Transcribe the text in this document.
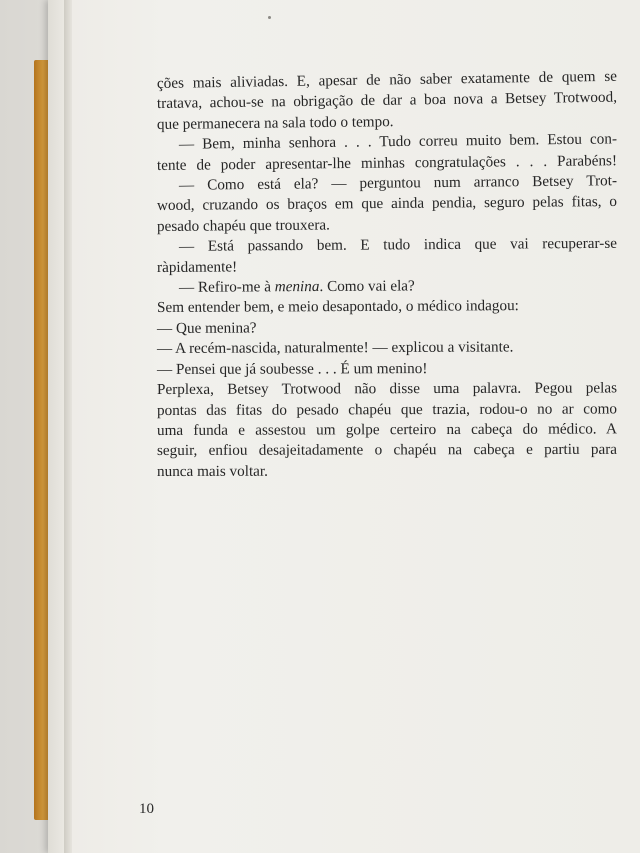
ções mais aliviadas. E, apesar de não saber exatamente de quem se
tratava, achou-se na obrigação de dar a boa nova a Betsey Trotwood,
que permanecera na sala todo o tempo.
— Bem, minha senhora . . . Tudo correu muito bem. Estou con-
tente de poder apresentar-lhe minhas congratulações . . . Parabéns!
— Como está ela? — perguntou num arranco Betsey Trot-
wood, cruzando os braços em que ainda pendia, seguro pelas fitas, o
pesado chapéu que trouxera.
— Está passando bem. E tudo indica que vai recuperar-se
ràpidamente!
— Refiro-me à menina. Como vai ela?
Sem entender bem, e meio desapontado, o médico indagou:
— Que menina?
— A recém-nascida, naturalmente! — explicou a visitante.
— Pensei que já soubesse . . . É um menino!
Perplexa, Betsey Trotwood não disse uma palavra. Pegou pelas
pontas das fitas do pesado chapéu que trazia, rodou-o no ar como
uma funda e assestou um golpe certeiro na cabeça do médico. A
seguir, enfiou desajeitadamente o chapéu na cabeça e partiu para
nunca mais voltar.
10
